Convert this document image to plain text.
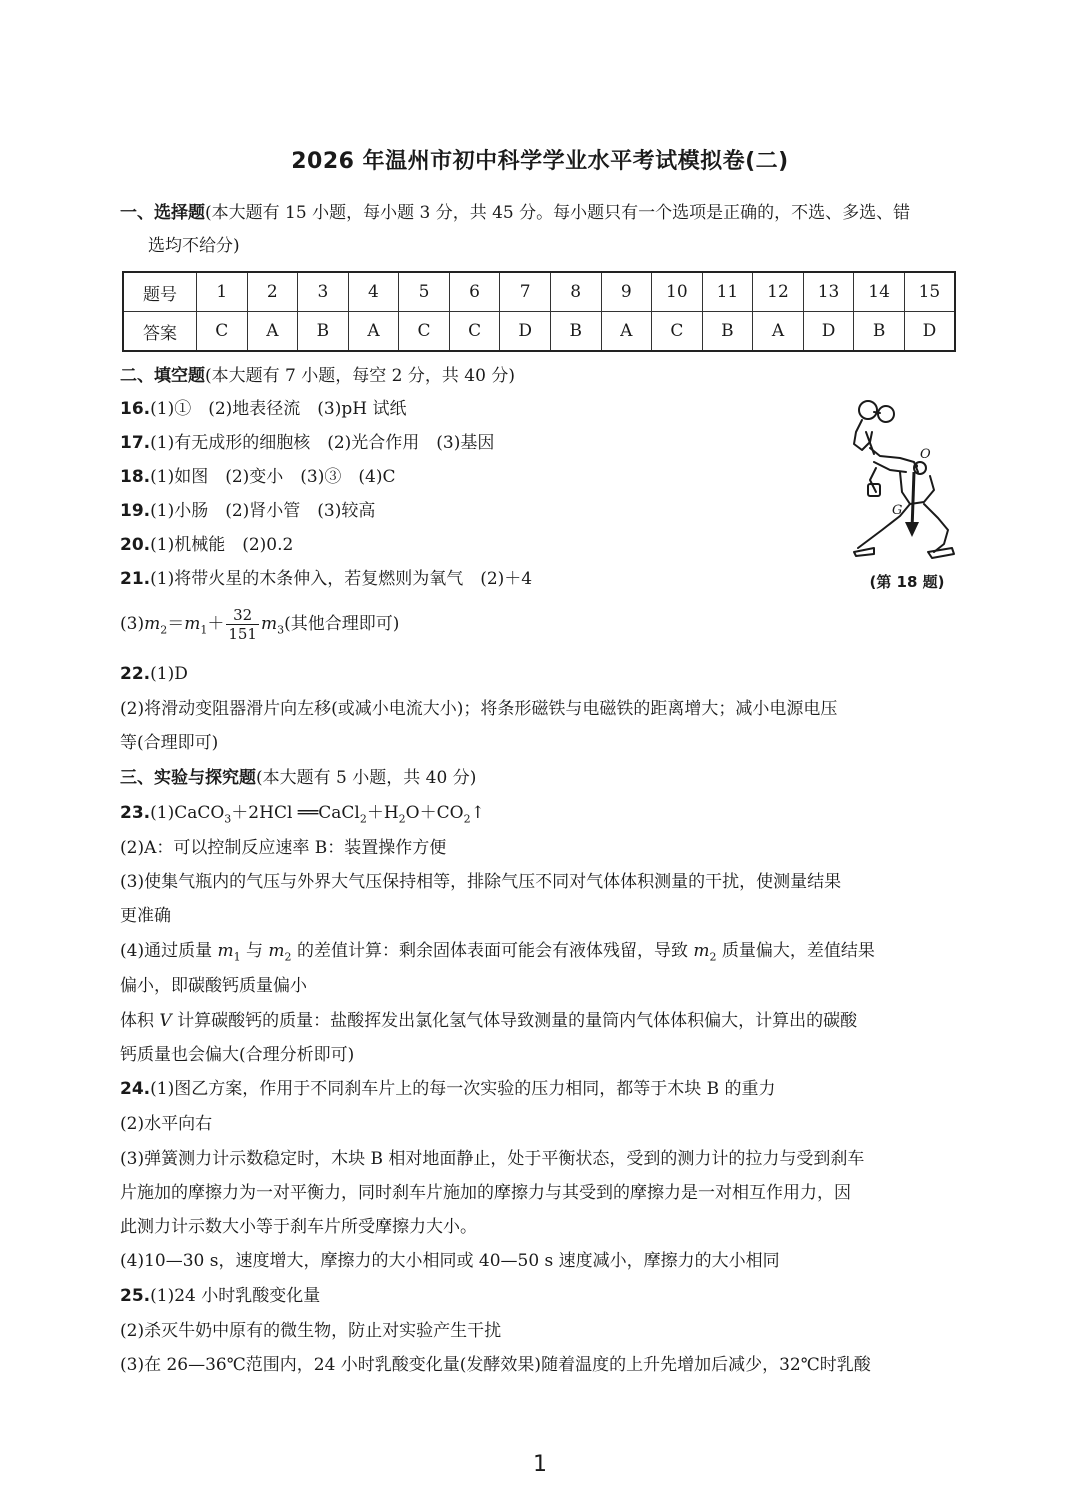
2026 年温州市初中科学学业水平考试模拟卷(二)
一、选择题(本大题有 15 小题，每小题 3 分，共 45 分。每小题只有一个选项是正确的，不选、多选、错
选均不给分)
题号	1	2	3	4	5	6	7	8	9	10	11	12	13	14	15
答案	C	A	B	A	C	C	D	B	A	C	B	A	D	B	D
二、填空题(本大题有 7 小题，每空 2 分，共 40 分)
16.(1)①　(2)地表径流　(3)pH 试纸
17.(1)有无成形的细胞核　(2)光合作用　(3)基因
18.(1)如图　(2)变小　(3)③　(4)C
19.(1)小肠　(2)肾小管　(3)较高
20.(1)机械能　(2)0.2
21.(1)将带火星的木条伸入，若复燃则为氧气　(2)＋4
$(3)m_2=m_1+ \frac{32}{151} m_3$(其他合理即可)
22.(1)D
(2)将滑动变阻器滑片向左移(或减小电流大小)；将条形磁铁与电磁铁的距离增大；减小电源电压
等(合理即可)
O
G
(第 18 题)
三、实验与探究题(本大题有 5 小题，共 40 分)
23.(1)CaCO$_3$＋2HCl $══CaCl_2+H_2O+CO_2↑$
(2)A：可以控制反应速率 B：装置操作方便
(3)使集气瓶内的气压与外界大气压保持相等，排除气压不同对气体体积测量的干扰，使测量结果
更准确
(4)通过质量 $m_1$ 与 $m_2$ 的差值计算：剩余固体表面可能会有液体残留，导致 $m_2$ 质量偏大，差值结果
偏小，即碳酸钙质量偏小
体积 V 计算碳酸钙的质量：盐酸挥发出氯化氢气体导致测量的量筒内气体体积偏大，计算出的碳酸
钙质量也会偏大(合理分析即可)
24.(1)图乙方案，作用于不同刹车片上的每一次实验的压力相同，都等于木块 B 的重力
(2)水平向右
(3)弹簧测力计示数稳定时，木块 B 相对地面静止，处于平衡状态，受到的测力计的拉力与受到刹车
片施加的摩擦力为一对平衡力，同时刹车片施加的摩擦力与其受到的摩擦力是一对相互作用力，因
此测力计示数大小等于刹车片所受摩擦力大小。
(4)10—30 s，速度增大，摩擦力的大小相同或 40—50 s 速度减小，摩擦力的大小相同
25.(1)24 小时乳酸变化量
(2)杀灭牛奶中原有的微生物，防止对实验产生干扰
(3)在 26—36℃范围内，24 小时乳酸变化量(发酵效果)随着温度的上升先增加后减少，32℃时乳酸
1
